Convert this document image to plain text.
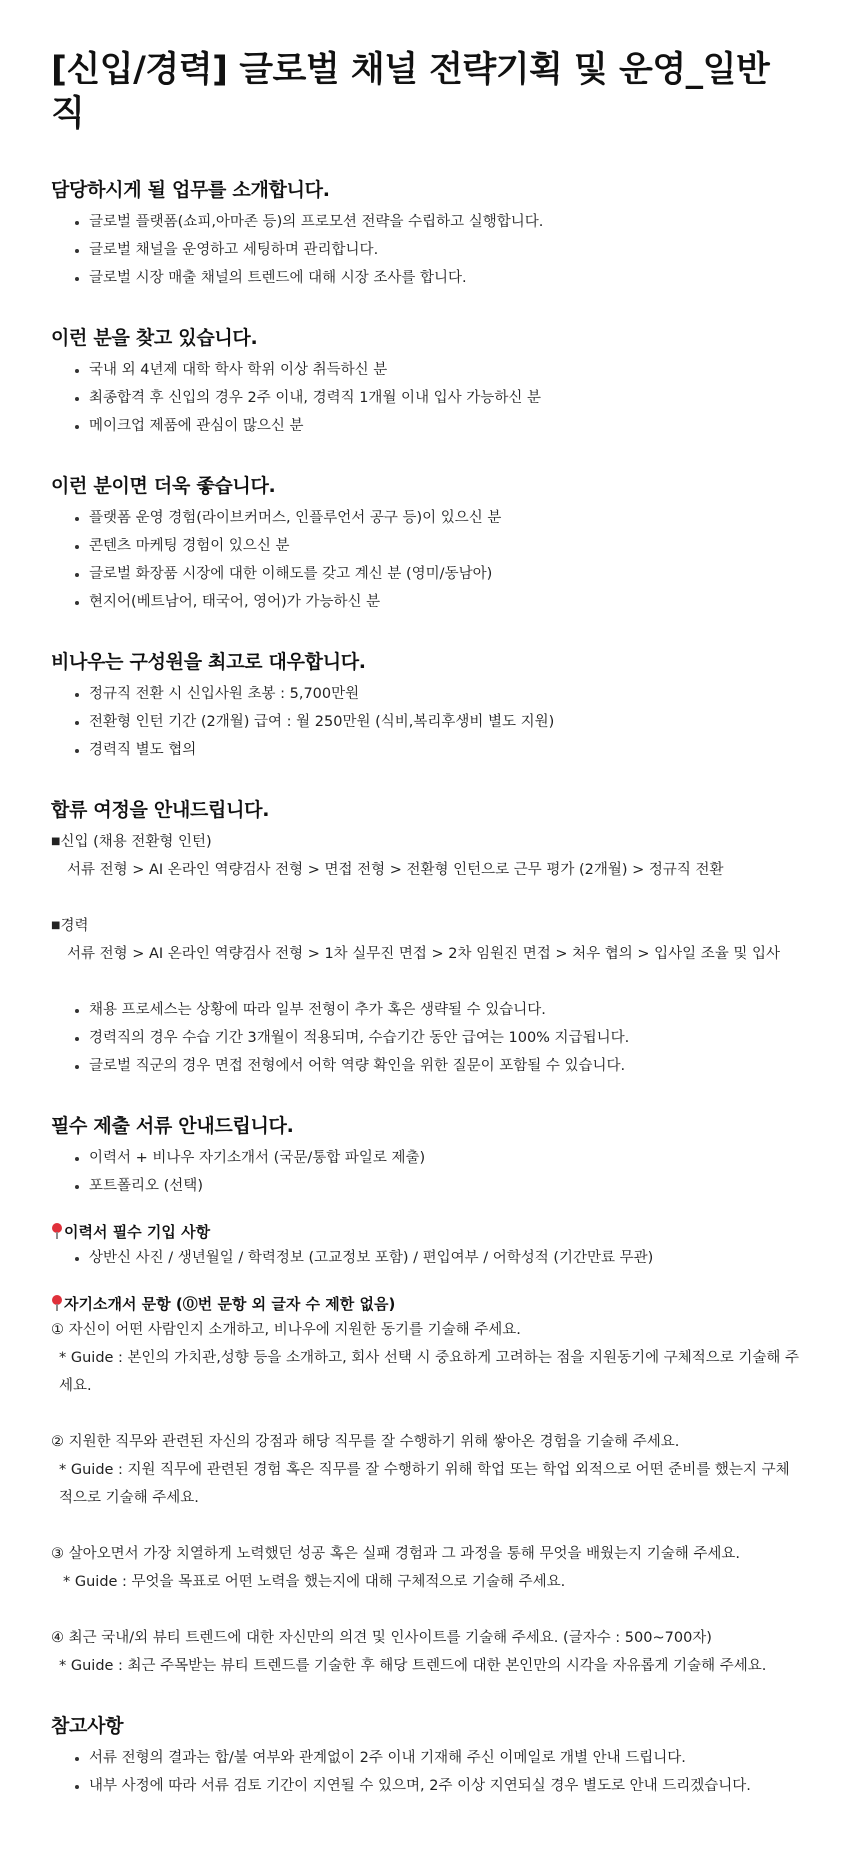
[신입/경력] 글로벌 채널 전략기획 및 운영_일반직
담당하시게 될 업무를 소개합니다.
글로벌 플랫폼(쇼피,아마존 등)의 프로모션 전략을 수립하고 실행합니다.
글로벌 채널을 운영하고 세팅하며 관리합니다.
글로벌 시장 매출 채널의 트렌드에 대해 시장 조사를 합니다.
이런 분을 찾고 있습니다.
국내 외 4년제 대학 학사 학위 이상 취득하신 분
최종합격 후 신입의 경우 2주 이내, 경력직 1개월 이내 입사 가능하신 분
메이크업 제품에 관심이 많으신 분
이런 분이면 더욱 좋습니다.
플랫폼 운영 경험(라이브커머스, 인플루언서 공구 등)이 있으신 분
콘텐츠 마케팅 경험이 있으신 분
글로벌 화장품 시장에 대한 이해도를 갖고 계신 분 (영미/동남아)
현지어(베트남어, 태국어, 영어)가 가능하신 분
비나우는 구성원을 최고로 대우합니다.
정규직 전환 시 신입사원 초봉 : 5,700만원
전환형 인턴 기간 (2개월) 급여 : 월 250만원 (식비,복리후생비 별도 지원)
경력직 별도 협의
합류 여정을 안내드립니다.

■신입 (채용 전환형 인턴)

서류 전형 > AI 온라인 역량검사 전형 > 면접 전형 > 전환형 인턴으로 근무 평가 (2개월) > 정규직 전환

■경력

서류 전형 > AI 온라인 역량검사 전형 > 1차 실무진 면접 > 2차 임원진 면접 > 처우 협의 > 입사일 조율 및 입사

채용 프로세스는 상황에 따라 일부 전형이 추가 혹은 생략될 수 있습니다.
경력직의 경우 수습 기간 3개월이 적용되며, 수습기간 동안 급여는 100% 지급됩니다.
글로벌 직군의 경우 면접 전형에서 어학 역량 확인을 위한 질문이 포함될 수 있습니다.
필수 제출 서류 안내드립니다.
이력서 + 비나우 자기소개서 (국문/통합 파일로 제출)
포트폴리오 (선택)
이력서 필수 기입 사항
상반신 사진 / 생년월일 / 학력정보 (고교정보 포함) / 편입여부 / 어학성적 (기간만료 무관)
자기소개서 문항 (⓪번 문항 외 글자 수 제한 없음)

① 자신이 어떤 사람인지 소개하고, 비나우에 지원한 동기를 기술해 주세요.

* Guide : 본인의 가치관,성향 등을 소개하고, 회사 선택 시 중요하게 고려하는 점을 지원동기에 구체적으로 기술해 주세요.

② 지원한 직무와 관련된 자신의 강점과 해당 직무를 잘 수행하기 위해 쌓아온 경험을 기술해 주세요.

* Guide : 지원 직무에 관련된 경험 혹은 직무를 잘 수행하기 위해 학업 또는 학업 외적으로 어떤 준비를 했는지 구체적으로 기술해 주세요.

③ 살아오면서 가장 치열하게 노력했던 성공 혹은 실패 경험과 그 과정을 통해 무엇을 배웠는지 기술해 주세요.

* Guide : 무엇을 목표로 어떤 노력을 했는지에 대해 구체적으로 기술해 주세요.

④ 최근 국내/외 뷰티 트렌드에 대한 자신만의 의견 및 인사이트를 기술해 주세요. (글자수 : 500~700자)

* Guide : 최근 주목받는 뷰티 트렌드를 기술한 후 해당 트렌드에 대한 본인만의 시각을 자유롭게 기술해 주세요.

참고사항
서류 전형의 결과는 합/불 여부와 관계없이 2주 이내 기재해 주신 이메일로 개별 안내 드립니다.
내부 사정에 따라 서류 검토 기간이 지연될 수 있으며, 2주 이상 지연되실 경우 별도로 안내 드리겠습니다.
